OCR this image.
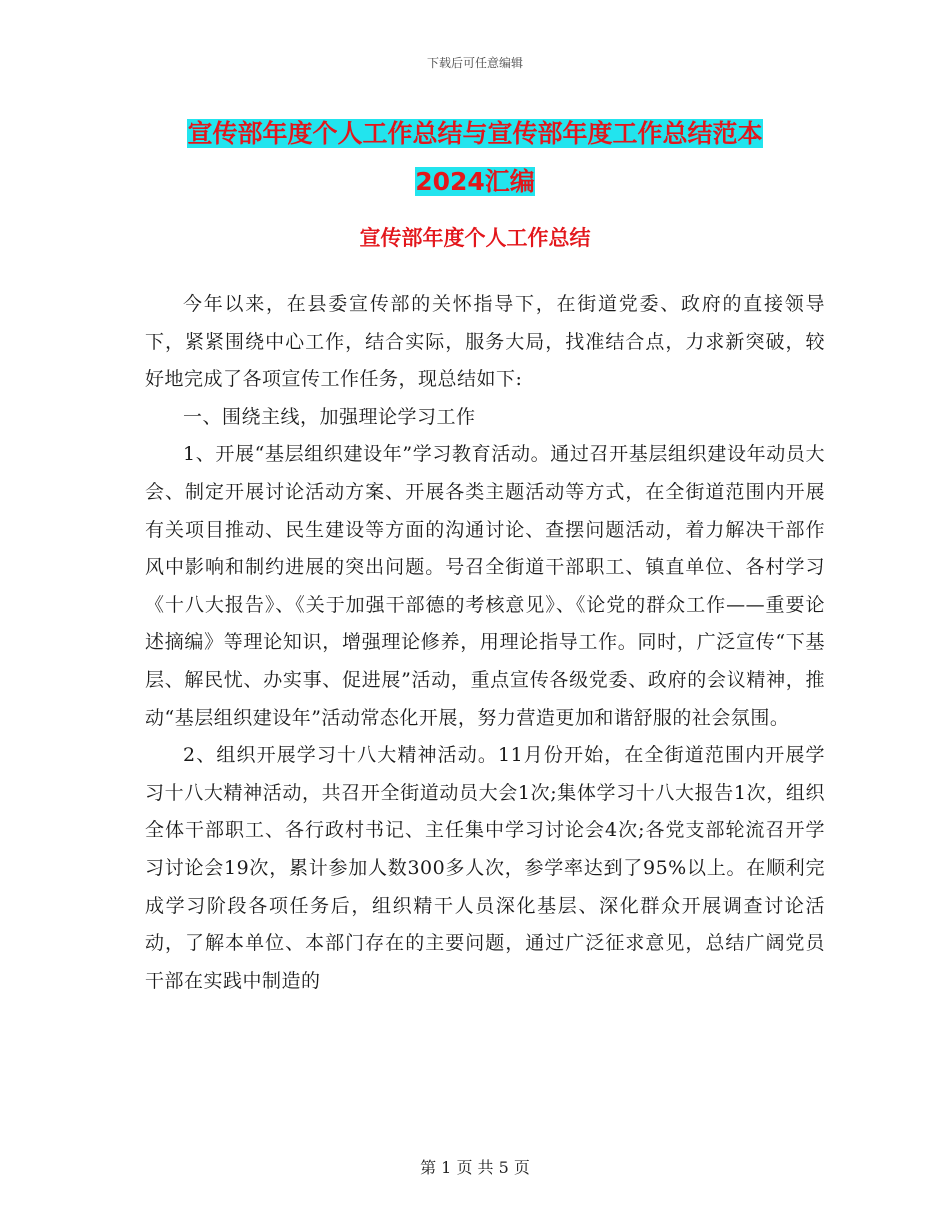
下载后可任意编辑
宣传部年度个人工作总结与宣传部年度工作总结范本
2024汇编
宣传部年度个人工作总结

今年以来，在县委宣传部的关怀指导下，在街道党委、政府的直接领导下，紧紧围绕中心工作，结合实际，服务大局，找准结合点，力求新突破，较好地完成了各项宣传工作任务，现总结如下:

一、围绕主线，加强理论学习工作

1、开展“基层组织建设年”学习教育活动。通过召开基层组织建设年动员大会、制定开展讨论活动方案、开展各类主题活动等方式，在全街道范围内开展有关项目推动、民生建设等方面的沟通讨论、查摆问题活动，着力解决干部作风中影响和制约进展的突出问题。号召全街道干部职工、镇直单位、各村学习《十八大报告》、《关于加强干部德的考核意见》、《论党的群众工作——重要论述摘编》等理论知识，增强理论修养，用理论指导工作。同时，广泛宣传“下基层、解民忧、办实事、促进展”活动，重点宣传各级党委、政府的会议精神，推动“基层组织建设年”活动常态化开展，努力营造更加和谐舒服的社会氛围。

2、组织开展学习十八大精神活动。11月份开始，在全街道范围内开展学习十八大精神活动，共召开全街道动员大会1次;集体学习十八大报告1次，组织全体干部职工、各行政村书记、主任集中学习讨论会4次;各党支部轮流召开学习讨论会19次，累计参加人数300多人次，参学率达到了95%以上。在顺利完成学习阶段各项任务后，组织精干人员深化基层、深化群众开展调查讨论活动，了解本单位、本部门存在的主要问题，通过广泛征求意见，总结广阔党员干部在实践中制造的

第 1 页 共 5 页
